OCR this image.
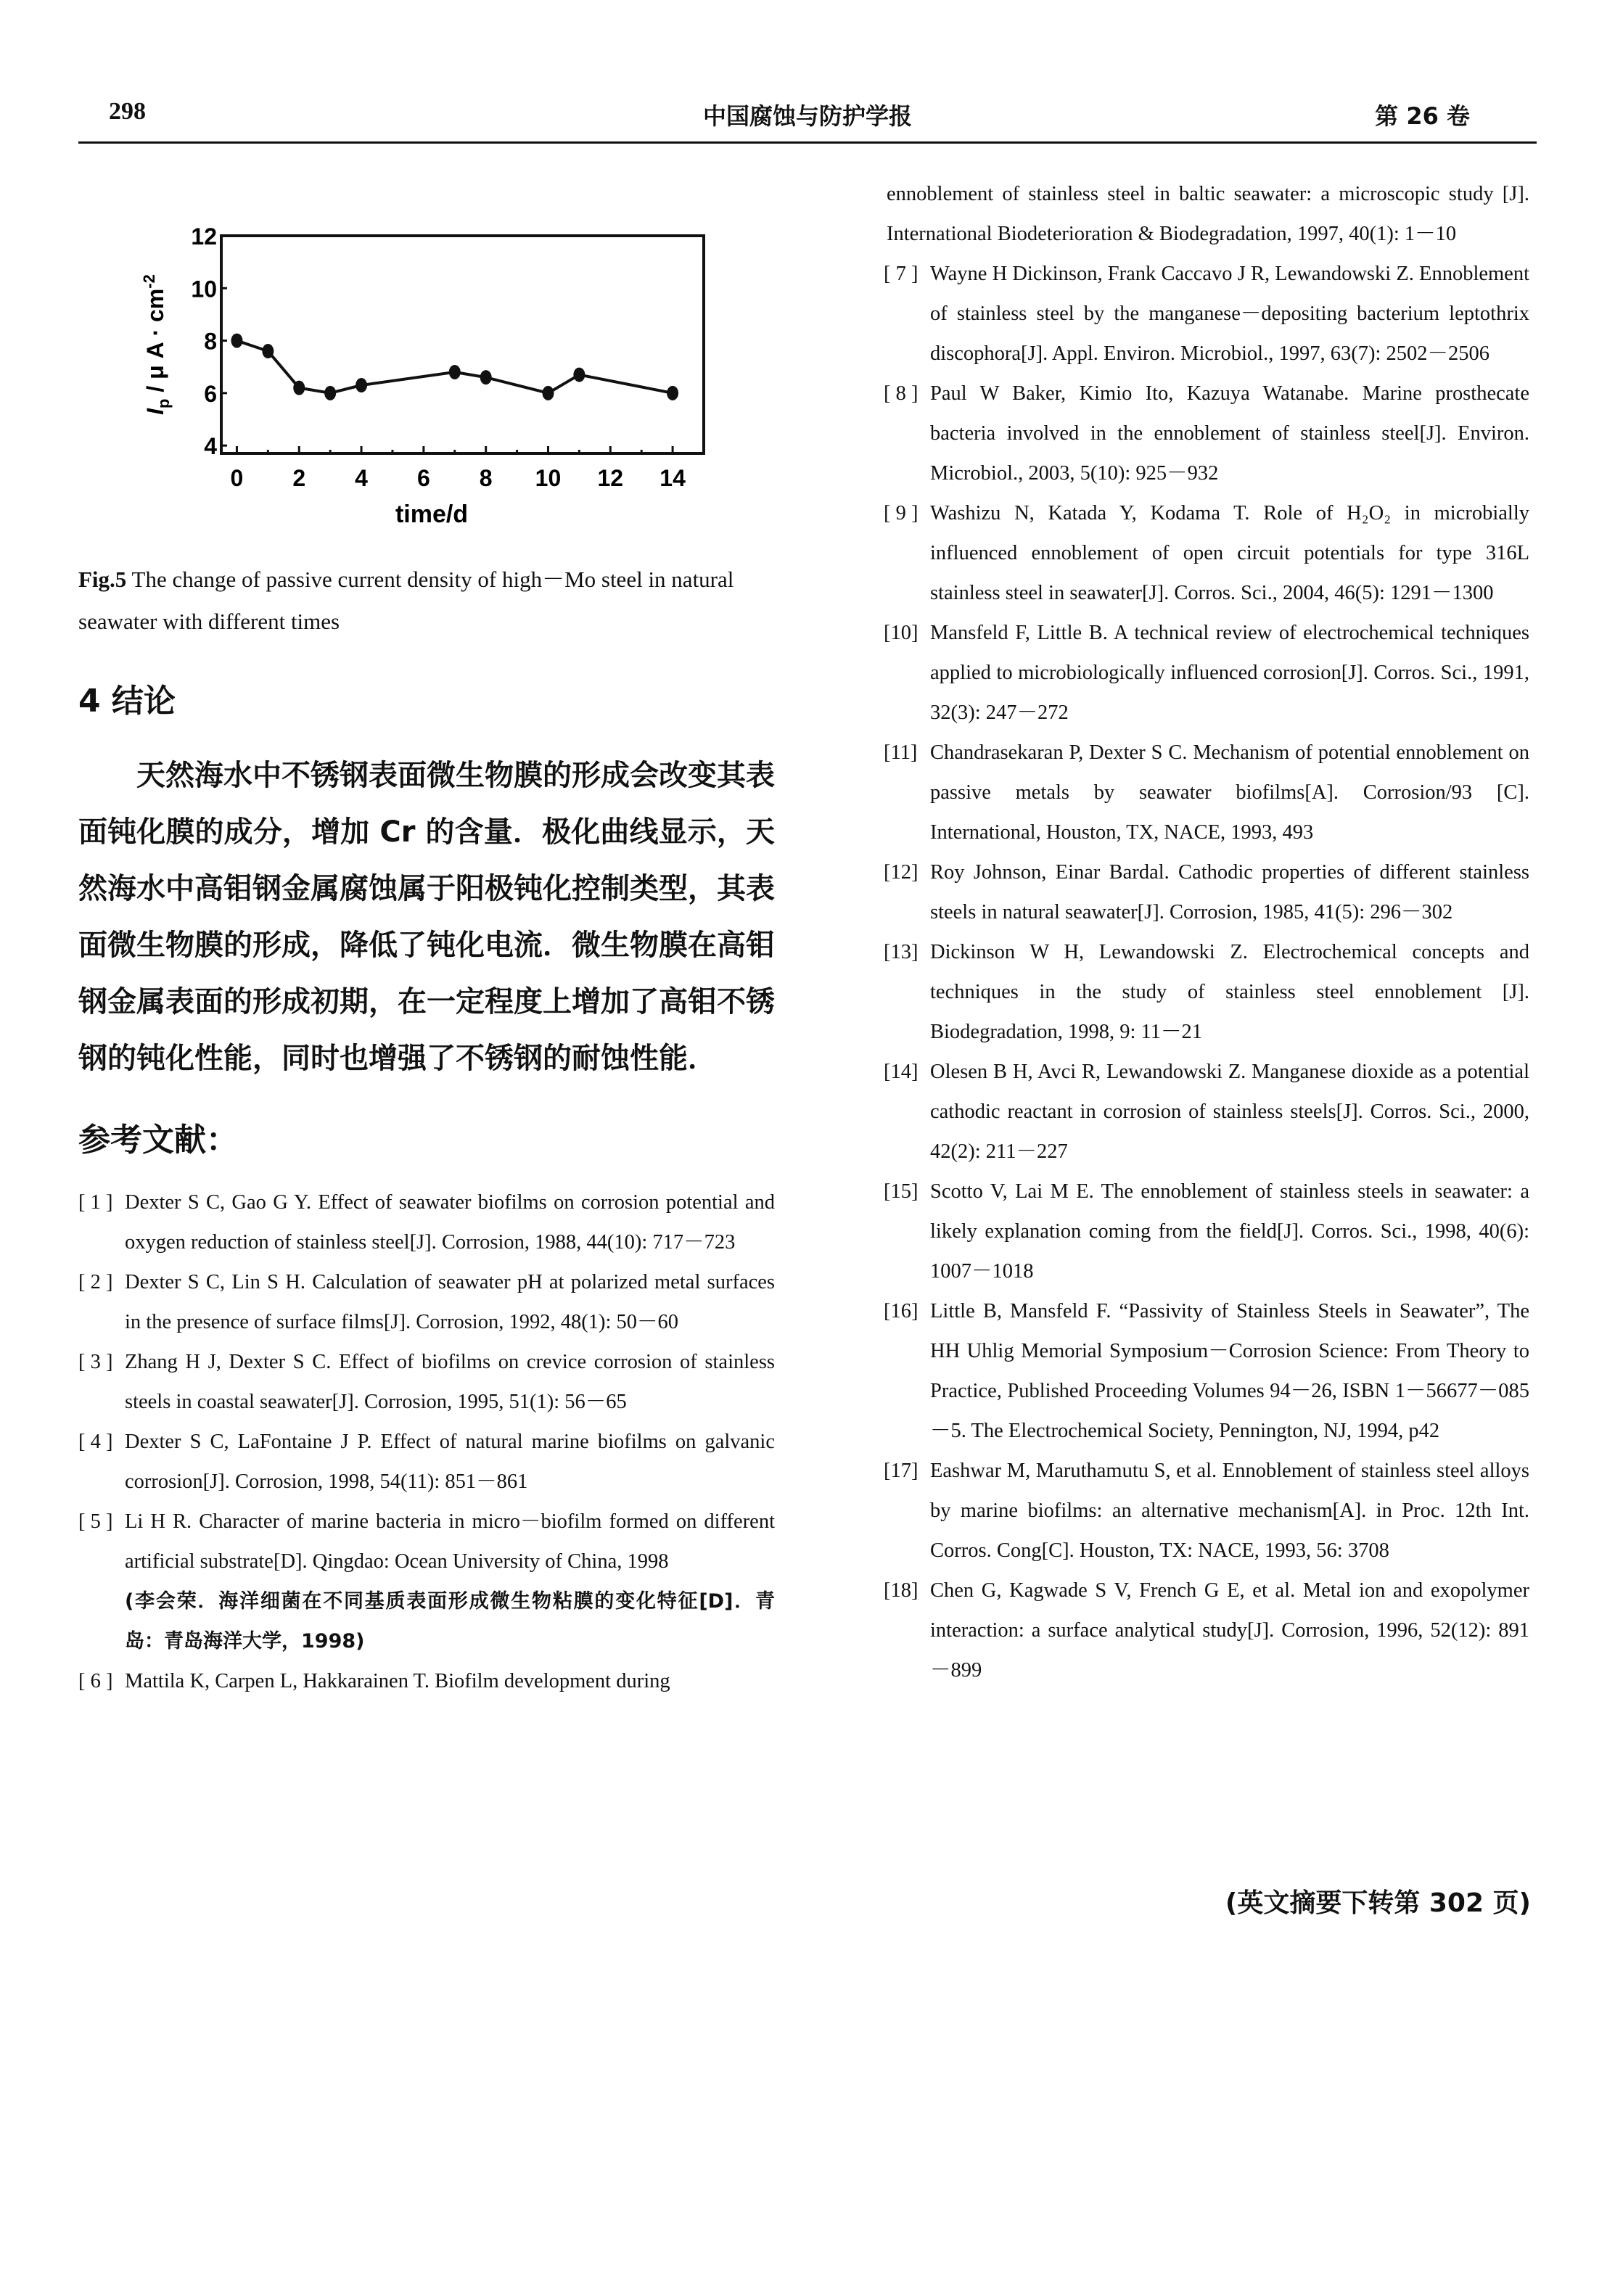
298	中国腐蚀与防护学报	第 26 卷
4
6
8
10
12
0 2 4 6 8 10 12 14
time/d
$I_p$ / μ $A \cdot cm^{-2}$
Fig.5 The change of passive current density of high－Mo steel in natural seawater with different times
4 结论
天然海水中不锈钢表面微生物膜的形成会改变其表面钝化膜的成分，增加 Cr 的含量．极化曲线显示，天然海水中高钼钢金属腐蚀属于阳极钝化控制类型，其表面微生物膜的形成，降低了钝化电流．微生物膜在高钼钢金属表面的形成初期，在一定程度上增加了高钼不锈钢的钝化性能，同时也增强了不锈钢的耐蚀性能．
参考文献：
[ 1 ] Dexter S C, Gao G Y. Effect of seawater biofilms on corrosion potential and oxygen reduction of stainless steel[J]. Corrosion, 1988, 44(10): 717－723
[ 2 ] Dexter S C, Lin S H. Calculation of seawater pH at polarized metal surfaces in the presence of surface films[J]. Corrosion, 1992, 48(1): 50－60
[ 3 ] Zhang H J, Dexter S C. Effect of biofilms on crevice corrosion of stainless steels in coastal seawater[J]. Corrosion, 1995, 51(1): 56－65
[ 4 ] Dexter S C, LaFontaine J P. Effect of natural marine biofilms on galvanic corrosion[J]. Corrosion, 1998, 54(11): 851－861
[ 5 ] Li H R. Character of marine bacteria in micro－biofilm formed on different artificial substrate[D]. Qingdao: Ocean University of China, 1998
(李会荣．海洋细菌在不同基质表面形成微生物粘膜的变化特征[D]．青岛：青岛海洋大学，1998)
[ 6 ] Mattila K, Carpen L, Hakkarainen T. Biofilm development during
ennoblement of stainless steel in baltic seawater: a microscopic study [J]. International Biodeterioration & Biodegradation, 1997, 40(1): 1－10
[ 7 ] Wayne H Dickinson, Frank Caccavo J R, Lewandowski Z. Ennoblement of stainless steel by the manganese－depositing bacterium leptothrix discophora[J]. Appl. Environ. Microbiol., 1997, 63(7): 2502－2506
[ 8 ] Paul W Baker, Kimio Ito, Kazuya Watanabe. Marine prosthecate bacteria involved in the ennoblement of stainless steel[J]. Environ. Microbiol., 2003, 5(10): 925－932
[ 9 ] Washizu N, Katada Y, Kodama T. Role of H₂O₂ in microbially influenced ennoblement of open circuit potentials for type 316L stainless steel in seawater[J]. Corros. Sci., 2004, 46(5): 1291－1300
[10] Mansfeld F, Little B. A technical review of electrochemical techniques applied to microbiologically influenced corrosion[J]. Corros. Sci., 1991, 32(3): 247－272
[11] Chandrasekaran P, Dexter S C. Mechanism of potential ennoblement on passive metals by seawater biofilms[A]. Corrosion/93 [C]. International, Houston, TX, NACE, 1993, 493
[12] Roy Johnson, Einar Bardal. Cathodic properties of different stainless steels in natural seawater[J]. Corrosion, 1985, 41(5): 296－302
[13] Dickinson W H, Lewandowski Z. Electrochemical concepts and techniques in the study of stainless steel ennoblement [J]. Biodegradation, 1998, 9: 11－21
[14] Olesen B H, Avci R, Lewandowski Z. Manganese dioxide as a potential cathodic reactant in corrosion of stainless steels[J]. Corros. Sci., 2000, 42(2): 211－227
[15] Scotto V, Lai M E. The ennoblement of stainless steels in seawater: a likely explanation coming from the field[J]. Corros. Sci., 1998, 40(6): 1007－1018
[16] Little B, Mansfeld F. “Passivity of Stainless Steels in Seawater”, The HH Uhlig Memorial Symposium－Corrosion Science: From Theory to Practice, Published Proceeding Volumes 94－26, ISBN 1－56677－085－5. The Electrochemical Society, Pennington, NJ, 1994, p42
[17] Eashwar M, Maruthamutu S, et al. Ennoblement of stainless steel alloys by marine biofilms: an alternative mechanism[A]. in Proc. 12th Int. Corros. Cong[C]. Houston, TX: NACE, 1993, 56: 3708
[18] Chen G, Kagwade S V, French G E, et al. Metal ion and exopolymer interaction: a surface analytical study[J]. Corrosion, 1996, 52(12): 891－899
(英文摘要下转第 302 页)
